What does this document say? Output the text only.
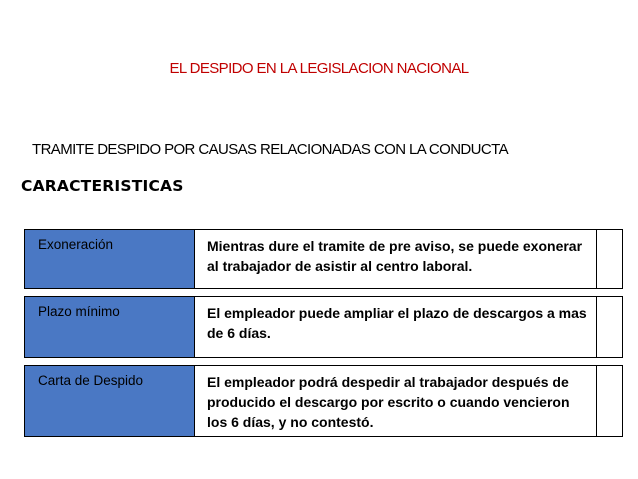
EL DESPIDO EN LA LEGISLACION NACIONAL
TRAMITE DESPIDO POR CAUSAS RELACIONADAS CON LA CONDUCTA
CARACTERISTICAS
Exoneración	Mientras dure el tramite de pre aviso, se puede exonerar al trabajador de asistir al centro laboral.
Plazo mínimo	El empleador puede ampliar el plazo de descargos a mas de 6 días.
Carta de Despido	El empleador podrá despedir al trabajador después de producido el descargo por escrito o cuando vencieron los 6 días, y no contestó.
